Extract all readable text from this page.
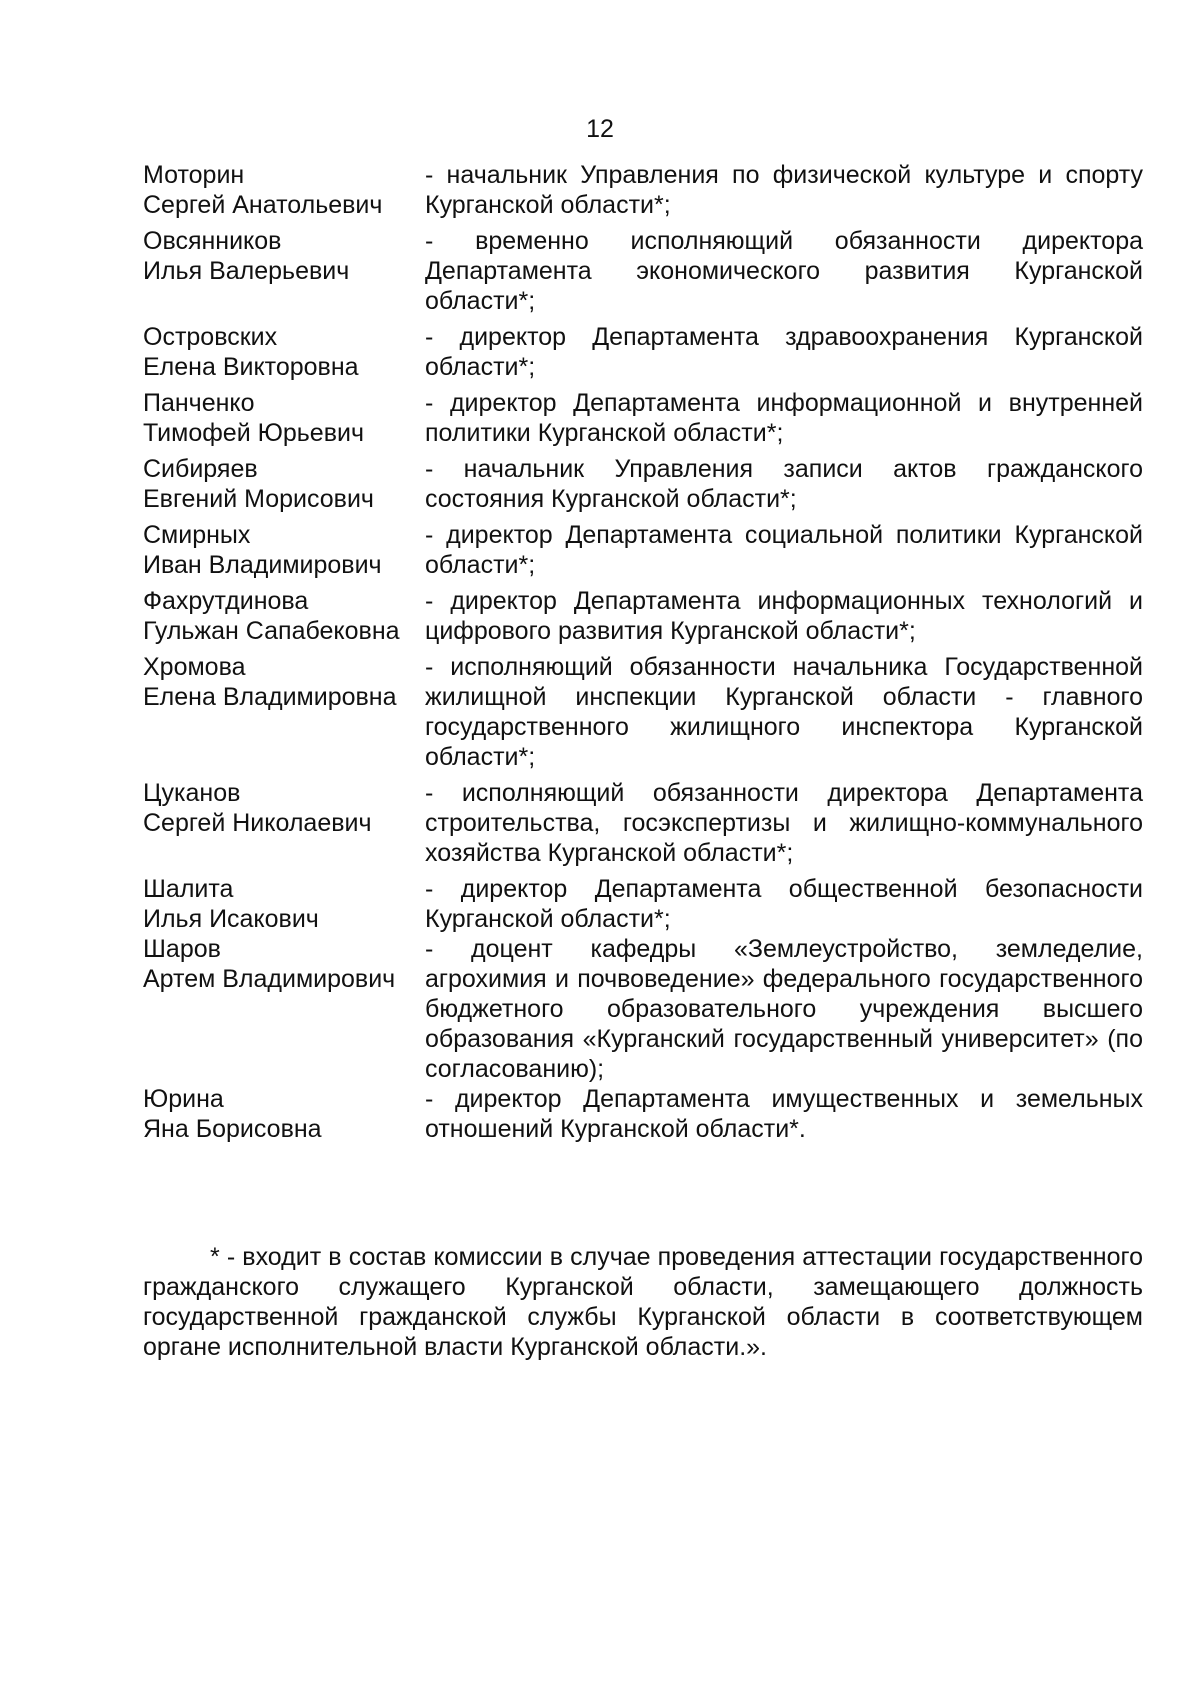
12
Моторин
Сергей Анатольевич
- начальник Управления по физической культуре и спорту Курганской области*;
Овсянников
Илья Валерьевич
- временно исполняющий обязанности директора Департамента экономического развития Курганской области*;
Островских
Елена Викторовна
- директор Департамента здравоохранения Курганской области*;
Панченко
Тимофей Юрьевич
- директор Департамента информационной и внутренней политики Курганской области*;
Сибиряев
Евгений Морисович
- начальник Управления записи актов гражданского состояния Курганской области*;
Смирных
Иван Владимирович
- директор Департамента социальной политики Курганской области*;
Фахрутдинова
Гульжан Сапабековна
- директор Департамента информационных технологий и цифрового развития Курганской области*;
Хромова
Елена Владимировна
- исполняющий обязанности начальника Государственной жилищной инспекции Курганской области - главного государственного жилищного инспектора Курганской области*;
Цуканов
Сергей Николаевич
- исполняющий обязанности директора Департамента строительства, госэкспертизы и жилищно-коммунального хозяйства Курганской области*;
Шалита
Илья Исакович
- директор Департамента общественной безопасности Курганской области*;
Шаров
Артем Владимирович
- доцент кафедры «Землеустройство, земледелие, агрохимия и почвоведение» федерального государственного бюджетного образовательного учреждения высшего образования «Курганский государственный университет» (по согласованию);
Юрина
Яна Борисовна
- директор Департамента имущественных и земельных отношений Курганской области*.
* - входит в состав комиссии в случае проведения аттестации государственного гражданского служащего Курганской области, замещающего должность государственной гражданской службы Курганской области в соответствующем органе исполнительной власти Курганской области.».
